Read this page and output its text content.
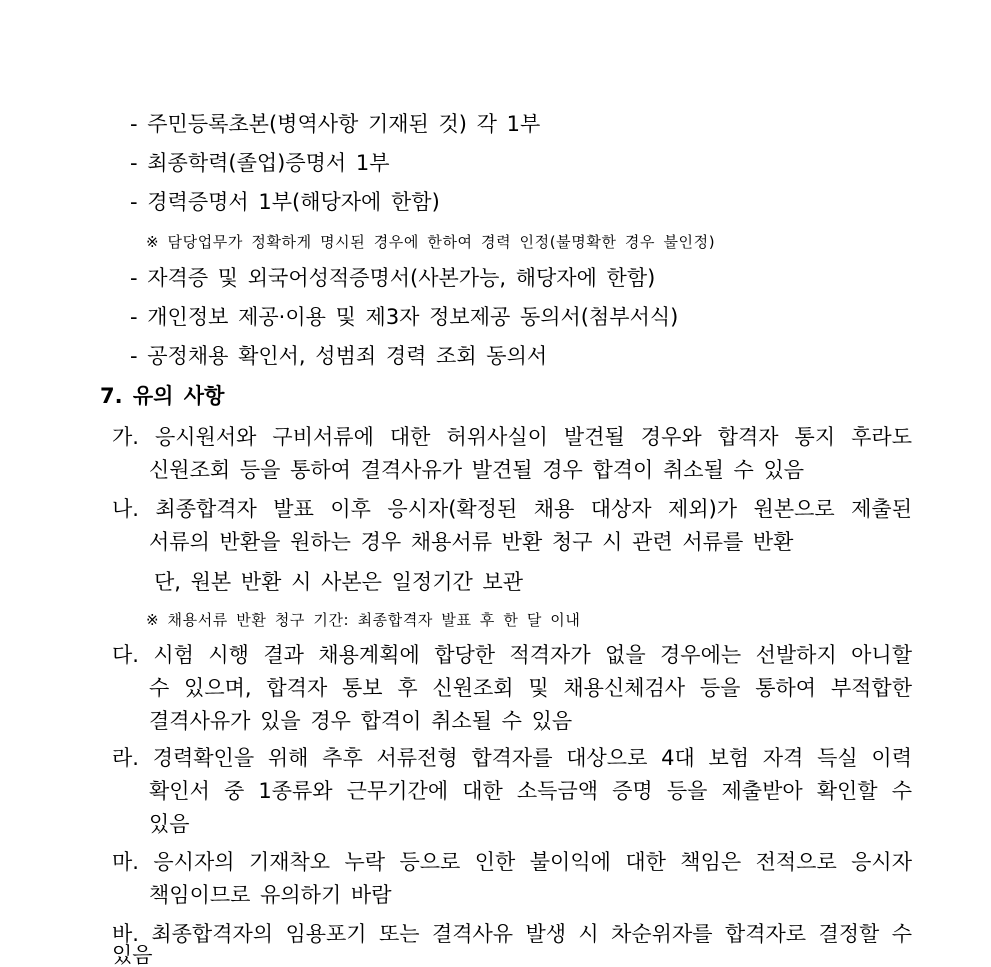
- 주민등록초본(병역사항 기재된 것) 각 1부
- 최종학력(졸업)증명서 1부
- 경력증명서 1부(해당자에 한함)
※ 담당업무가 정확하게 명시된 경우에 한하여 경력 인정(불명확한 경우 불인정)
- 자격증 및 외국어성적증명서(사본가능, 해당자에 한함)
- 개인정보 제공·이용 및 제3자 정보제공 동의서(첨부서식)
- 공정채용 확인서, 성범죄 경력 조회 동의서
7. 유의 사항
가. 응시원서와 구비서류에 대한 허위사실이 발견될 경우와 합격자 통지 후라도
신원조회 등을 통하여 결격사유가 발견될 경우 합격이 취소될 수 있음
나. 최종합격자 발표 이후 응시자(확정된 채용 대상자 제외)가 원본으로 제출된
서류의 반환을 원하는 경우 채용서류 반환 청구 시 관련 서류를 반환
단, 원본 반환 시 사본은 일정기간 보관
※ 채용서류 반환 청구 기간: 최종합격자 발표 후 한 달 이내
다. 시험 시행 결과 채용계획에 합당한 적격자가 없을 경우에는 선발하지 아니할
수 있으며, 합격자 통보 후 신원조회 및 채용신체검사 등을 통하여 부적합한
결격사유가 있을 경우 합격이 취소될 수 있음
라. 경력확인을 위해 추후 서류전형 합격자를 대상으로 4대 보험 자격 득실 이력
확인서 중 1종류와 근무기간에 대한 소득금액 증명 등을 제출받아 확인할 수
있음
마. 응시자의 기재착오 누락 등으로 인한 불이익에 대한 책임은 전적으로 응시자
책임이므로 유의하기 바람
바. 최종합격자의 임용포기 또는 결격사유 발생 시 차순위자를 합격자로 결정할 수 있음
